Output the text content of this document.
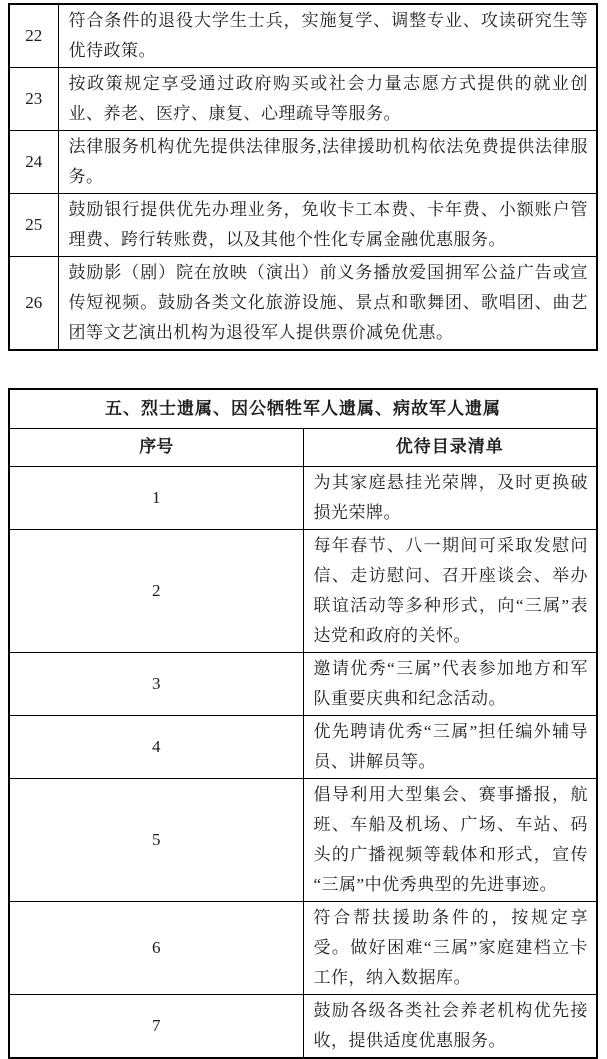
22	符合条件的退役大学生士兵，实施复学、调整专业、攻读研究生等优待政策。
23	按政策规定享受通过政府购买或社会力量志愿方式提供的就业创业、养老、医疗、康复、心理疏导等服务。
24	法律服务机构优先提供法律服务,法律援助机构依法免费提供法律服务。
25	鼓励银行提供优先办理业务，免收卡工本费、卡年费、小额账户管理费、跨行转账费，以及其他个性化专属金融优惠服务。
26	鼓励影（剧）院在放映（演出）前义务播放爱国拥军公益广告或宣传短视频。鼓励各类文化旅游设施、景点和歌舞团、歌唱团、曲艺团等文艺演出机构为退役军人提供票价减免优惠。
五、烈士遗属、因公牺牲军人遗属、病故军人遗属	
序号	优待目录清单
1	为其家庭悬挂光荣牌，及时更换破损光荣牌。
2	每年春节、八一期间可采取发慰问信、走访慰问、召开座谈会、举办联谊活动等多种形式，向“三属”表达党和政府的关怀。
3	邀请优秀“三属”代表参加地方和军队重要庆典和纪念活动。
4	优先聘请优秀“三属”担任编外辅导员、讲解员等。
5	倡导利用大型集会、赛事播报，航班、车船及机场、广场、车站、码头的广播视频等载体和形式，宣传“三属”中优秀典型的先进事迹。
6	符合帮扶援助条件的，按规定享受。做好困难“三属”家庭建档立卡工作，纳入数据库。
7	鼓励各级各类社会养老机构优先接收，提供适度优惠服务。
